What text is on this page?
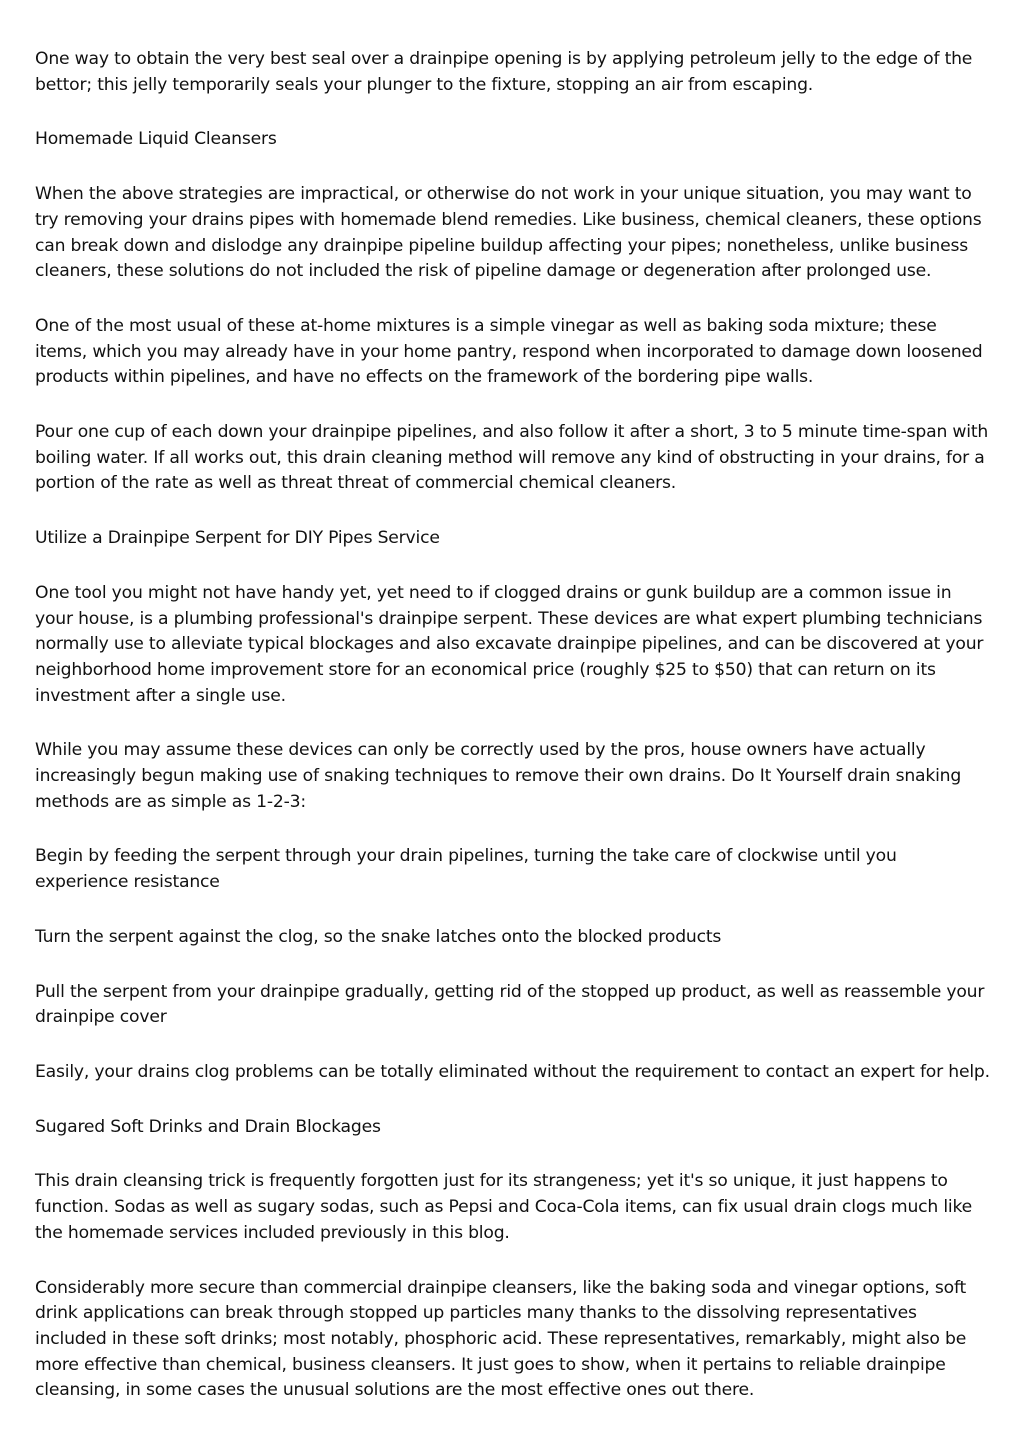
One way to obtain the very best seal over a drainpipe opening is by applying petroleum jelly to the edge of the bettor; this jelly temporarily seals your plunger to the fixture, stopping an air from escaping.

Homemade Liquid Cleansers

When the above strategies are impractical, or otherwise do not work in your unique situation, you may want to try removing your drains pipes with homemade blend remedies. Like business, chemical cleaners, these options can break down and dislodge any drainpipe pipeline buildup affecting your pipes; nonetheless, unlike business cleaners, these solutions do not included the risk of pipeline damage or degeneration after prolonged use.

One of the most usual of these at-home mixtures is a simple vinegar as well as baking soda mixture; these items, which you may already have in your home pantry, respond when incorporated to damage down loosened products within pipelines, and have no effects on the framework of the bordering pipe walls.

Pour one cup of each down your drainpipe pipelines, and also follow it after a short, 3 to 5 minute time-span with boiling water. If all works out, this drain cleaning method will remove any kind of obstructing in your drains, for a portion of the rate as well as threat threat of commercial chemical cleaners.

Utilize a Drainpipe Serpent for DIY Pipes Service

One tool you might not have handy yet, yet need to if clogged drains or gunk buildup are a common issue in your house, is a plumbing professional's drainpipe serpent. These devices are what expert plumbing technicians normally use to alleviate typical blockages and also excavate drainpipe pipelines, and can be discovered at your neighborhood home improvement store for an economical price (roughly $25 to $50) that can return on its investment after a single use.

While you may assume these devices can only be correctly used by the pros, house owners have actually increasingly begun making use of snaking techniques to remove their own drains. Do It Yourself drain snaking methods are as simple as 1-2-3:

Begin by feeding the serpent through your drain pipelines, turning the take care of clockwise until you experience resistance

Turn the serpent against the clog, so the snake latches onto the blocked products

Pull the serpent from your drainpipe gradually, getting rid of the stopped up product, as well as reassemble your drainpipe cover

Easily, your drains clog problems can be totally eliminated without the requirement to contact an expert for help.

Sugared Soft Drinks and Drain Blockages

This drain cleansing trick is frequently forgotten just for its strangeness; yet it's so unique, it just happens to function. Sodas as well as sugary sodas, such as Pepsi and Coca-Cola items, can fix usual drain clogs much like the homemade services included previously in this blog.

Considerably more secure than commercial drainpipe cleansers, like the baking soda and vinegar options, soft drink applications can break through stopped up particles many thanks to the dissolving representatives included in these soft drinks; most notably, phosphoric acid. These representatives, remarkably, might also be more effective than chemical, business cleansers. It just goes to show, when it pertains to reliable drainpipe cleansing, in some cases the unusual solutions are the most effective ones out there.
